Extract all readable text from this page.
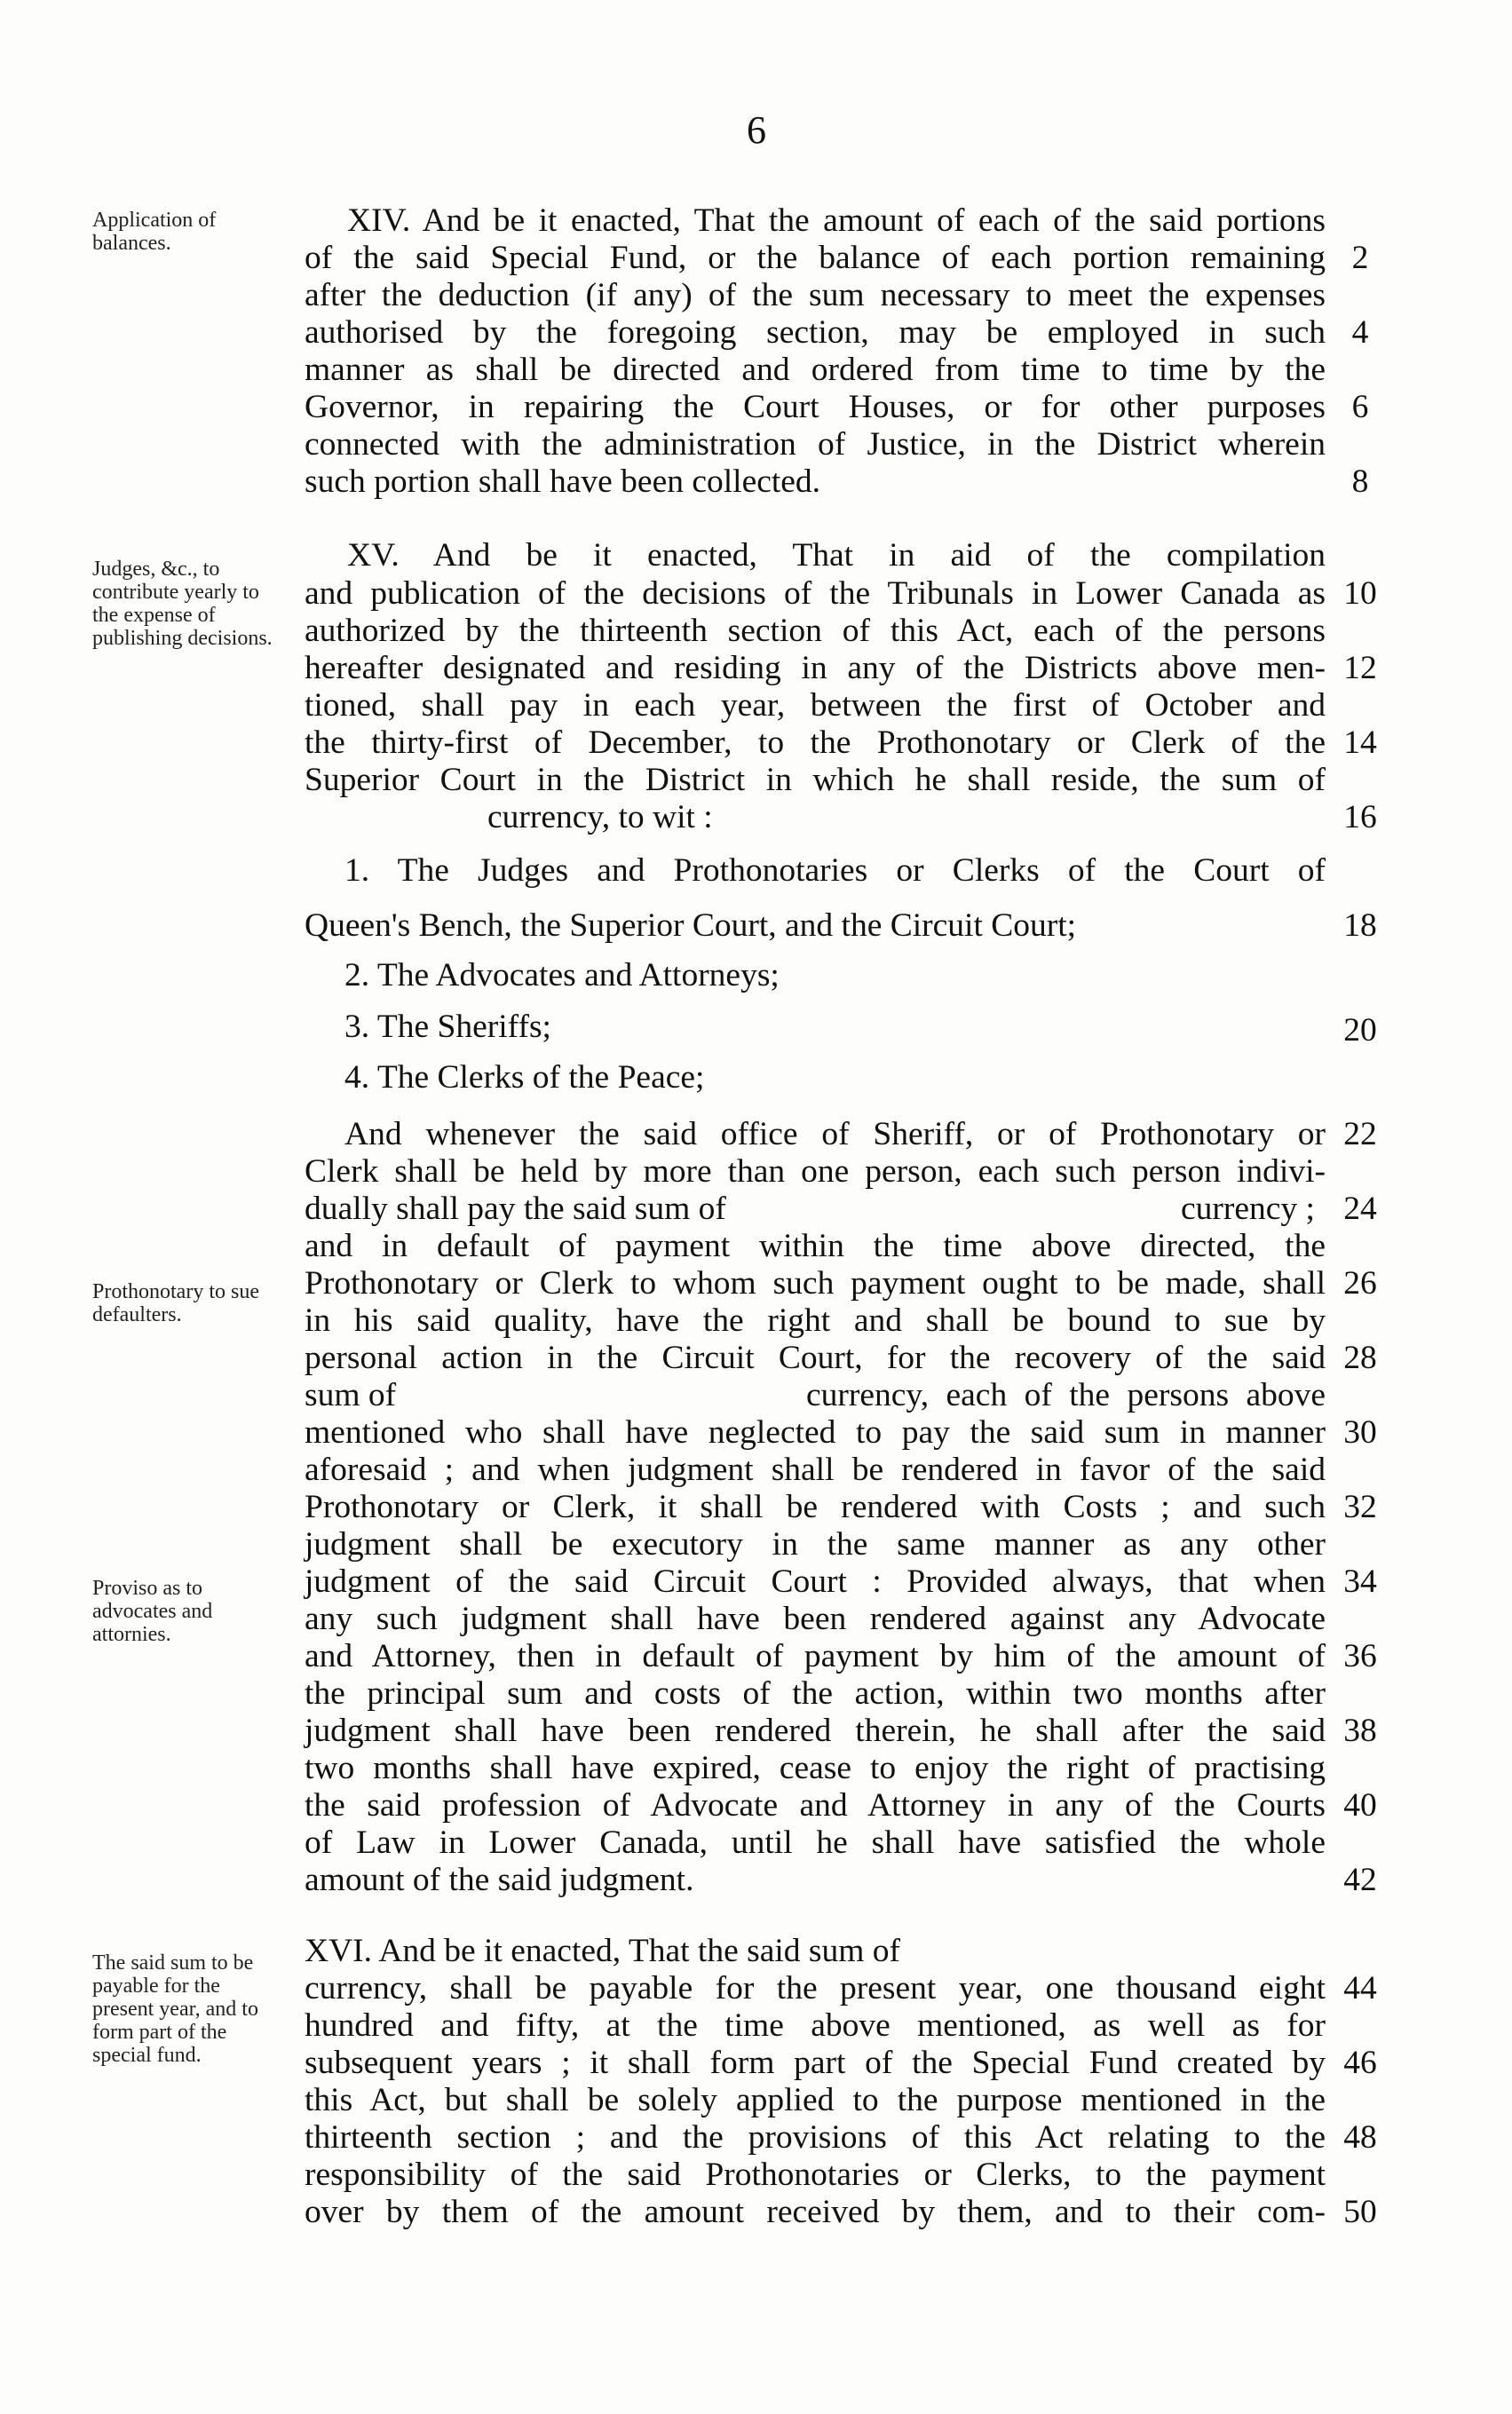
6
Application of balances.
Judges, &c., to contribute yearly to the expense of publishing decisions.
Prothonotary to sue defaulters.
Proviso as to advocates and attornies.
The said sum to be payable for the present year, and to form part of the special fund.
XIV. And be it enacted, That the amount of each of the said portions
of the said Special Fund, or the balance of each portion remaining
after the deduction (if any) of the sum necessary to meet the expenses
authorised by the foregoing section, may be employed in such
manner as shall be directed and ordered from time to time by the
Governor, in repairing the Court Houses, or for other purposes
connected with the administration of Justice, in the District wherein
such portion shall have been collected.
XV. And be it enacted, That in aid of the compilation
and publication of the decisions of the Tribunals in Lower Canada as
authorized by the thirteenth section of this Act, each of the persons
hereafter designated and residing in any of the Districts above men-
tioned, shall pay in each year, between the first of October and
the thirty-first of December, to the Prothonotary or Clerk of the
Superior Court in the District in which he shall reside, the sum of
currency, to wit :
1. The Judges and Prothonotaries or Clerks of the Court of
Queen's Bench, the Superior Court, and the Circuit Court;
2. The Advocates and Attorneys;
3. The Sheriffs;
4. The Clerks of the Peace;
And whenever the said office of Sheriff, or of Prothonotary or
Clerk shall be held by more than one person, each such person indivi-
dually shall pay the said sum of	currency ;
and in default of payment within the time above directed, the
Prothonotary or Clerk to whom such payment ought to be made, shall
in his said quality, have the right and shall be bound to sue by
personal action in the Circuit Court, for the recovery of the said
sum of	currency, each of the persons above
mentioned who shall have neglected to pay the said sum in manner
aforesaid ; and when judgment shall be rendered in favor of the said
Prothonotary or Clerk, it shall be rendered with Costs ; and such
judgment shall be executory in the same manner as any other
judgment of the said Circuit Court : Provided always, that when
any such judgment shall have been rendered against any Advocate
and Attorney, then in default of payment by him of the amount of
the principal sum and costs of the action, within two months after
judgment shall have been rendered therein, he shall after the said
two months shall have expired, cease to enjoy the right of practising
the said profession of Advocate and Attorney in any of the Courts
of Law in Lower Canada, until he shall have satisfied the whole
amount of the said judgment.
XVI. And be it enacted, That the said sum of
currency, shall be payable for the present year, one thousand eight
hundred and fifty, at the time above mentioned, as well as for
subsequent years ; it shall form part of the Special Fund created by
this Act, but shall be solely applied to the purpose mentioned in the
thirteenth section ; and the provisions of this Act relating to the
responsibility of the said Prothonotaries or Clerks, to the payment
over by them of the amount received by them, and to their com-
2
4
6
8
10
12
14
16
18
20
22
24
26
28
30
32
34
36
38
40
42
44
46
48
50
